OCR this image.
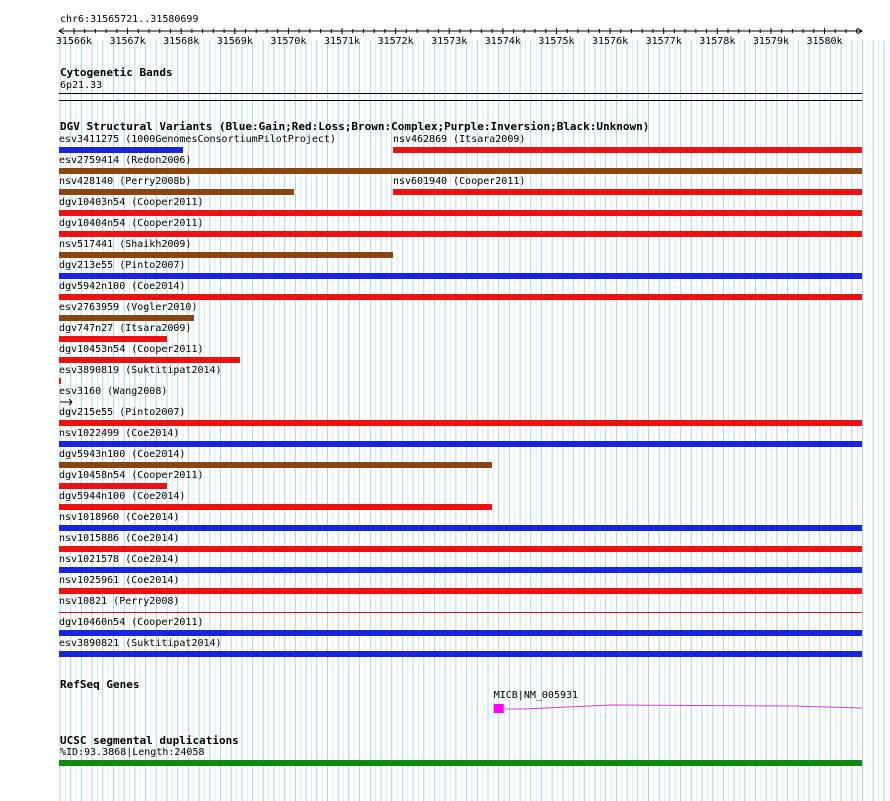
chr6:31565721..31580699
31566k 31567k 31568k 31569k 31570k 31571k 31572k 31573k 31574k 31575k 31576k 31577k 31578k 31579k 31580k
Cytogenetic Bands
6p21.33
DGV Structural Variants (Blue:Gain;Red:Loss;Brown:Complex;Purple:Inversion;Black:Unknown)
esv3411275 (1000GenomesConsortiumPilotProject)	nsv462869 (Itsara2009)
esv2759414 (Redon2006)
nsv428140 (Perry2008b)	nsv601940 (Cooper2011)
dgv10403n54 (Cooper2011)
dgv10404n54 (Cooper2011)
nsv517441 (Shaikh2009)
dgv213e55 (Pinto2007)
dgv5942n100 (Coe2014)
esv2763959 (Vogler2010)
dgv747n27 (Itsara2009)
dgv10453n54 (Cooper2011)
esv3890819 (Suktitipat2014)
esv3160 (Wang2008)
dgv215e55 (Pinto2007)
nsv1022499 (Coe2014)
dgv5943n100 (Coe2014)
dgv10458n54 (Cooper2011)
dgv5944n100 (Coe2014)
nsv1018960 (Coe2014)
nsv1015886 (Coe2014)
nsv1021578 (Coe2014)
nsv1025961 (Coe2014)
nsv10821 (Perry2008)
dgv10460n54 (Cooper2011)
esv3890821 (Suktitipat2014)
RefSeq Genes
MICB|NM_005931
UCSC segmental duplications
%ID:93.3868|Length:24058
